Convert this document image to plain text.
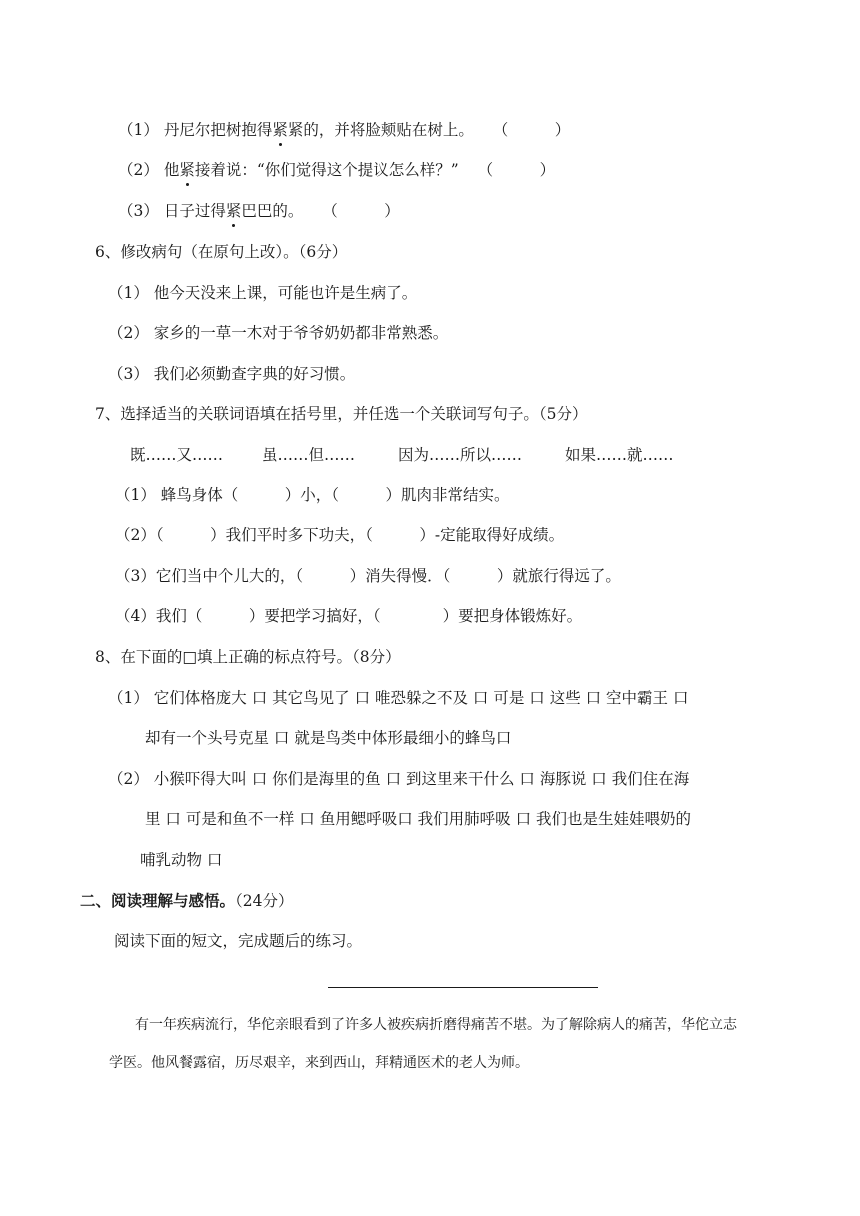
（1） 丹尼尔把树抱得紧紧的，并将脸颊贴在树上。 （　　　）
（2） 他紧接着说：“你们觉得这个提议怎么样？” （　　　）
（3） 日子过得紧巴巴的。 （　　　）
6、修改病句（在原句上改）。（6分）
（1） 他今天没来上课，可能也许是生病了。
（2） 家乡的一草一木对于爷爷奶奶都非常熟悉。
（3） 我们必须勤查字典的好习惯。
7、选择适当的关联词语填在括号里，并任选一个关联词写句子。（5分）
既……又……	虽……但……	因为……所以……	如果……就……
（1） 蜂鸟身体（　　　）小，（　　　）肌肉非常结实。
（2）（　　　）我们平时多下功夫，（　　　）-定能取得好成绩。
（3）它们当中个儿大的，（　　　）消失得慢．（　　　）就旅行得远了。
（4）我们（　　　）要把学习搞好，（　　　　）要把身体锻炼好。
8、在下面的□填上正确的标点符号。（8分）
（1） 它们体格庞大 口 其它鸟见了 口 唯恐躲之不及 口 可是 口 这些 口 空中霸王 口
却有一个头号克星 口 就是鸟类中体形最细小的蜂鸟口
（2） 小猴吓得大叫 口 你们是海里的鱼 口 到这里来干什么 口 海豚说 口 我们住在海
里 口 可是和鱼不一样 口 鱼用鳃呼吸口 我们用肺呼吸 口 我们也是生娃娃喂奶的
哺乳动物 口
二、阅读理解与感悟。（24分）
阅读下面的短文，完成题后的练习。
有一年疾病流行，华佗亲眼看到了许多人被疾病折磨得痛苦不堪。为了解除病人的痛苦，华佗立志
学医。他风餐露宿，历尽艰辛，来到西山，拜精通医术的老人为师。
